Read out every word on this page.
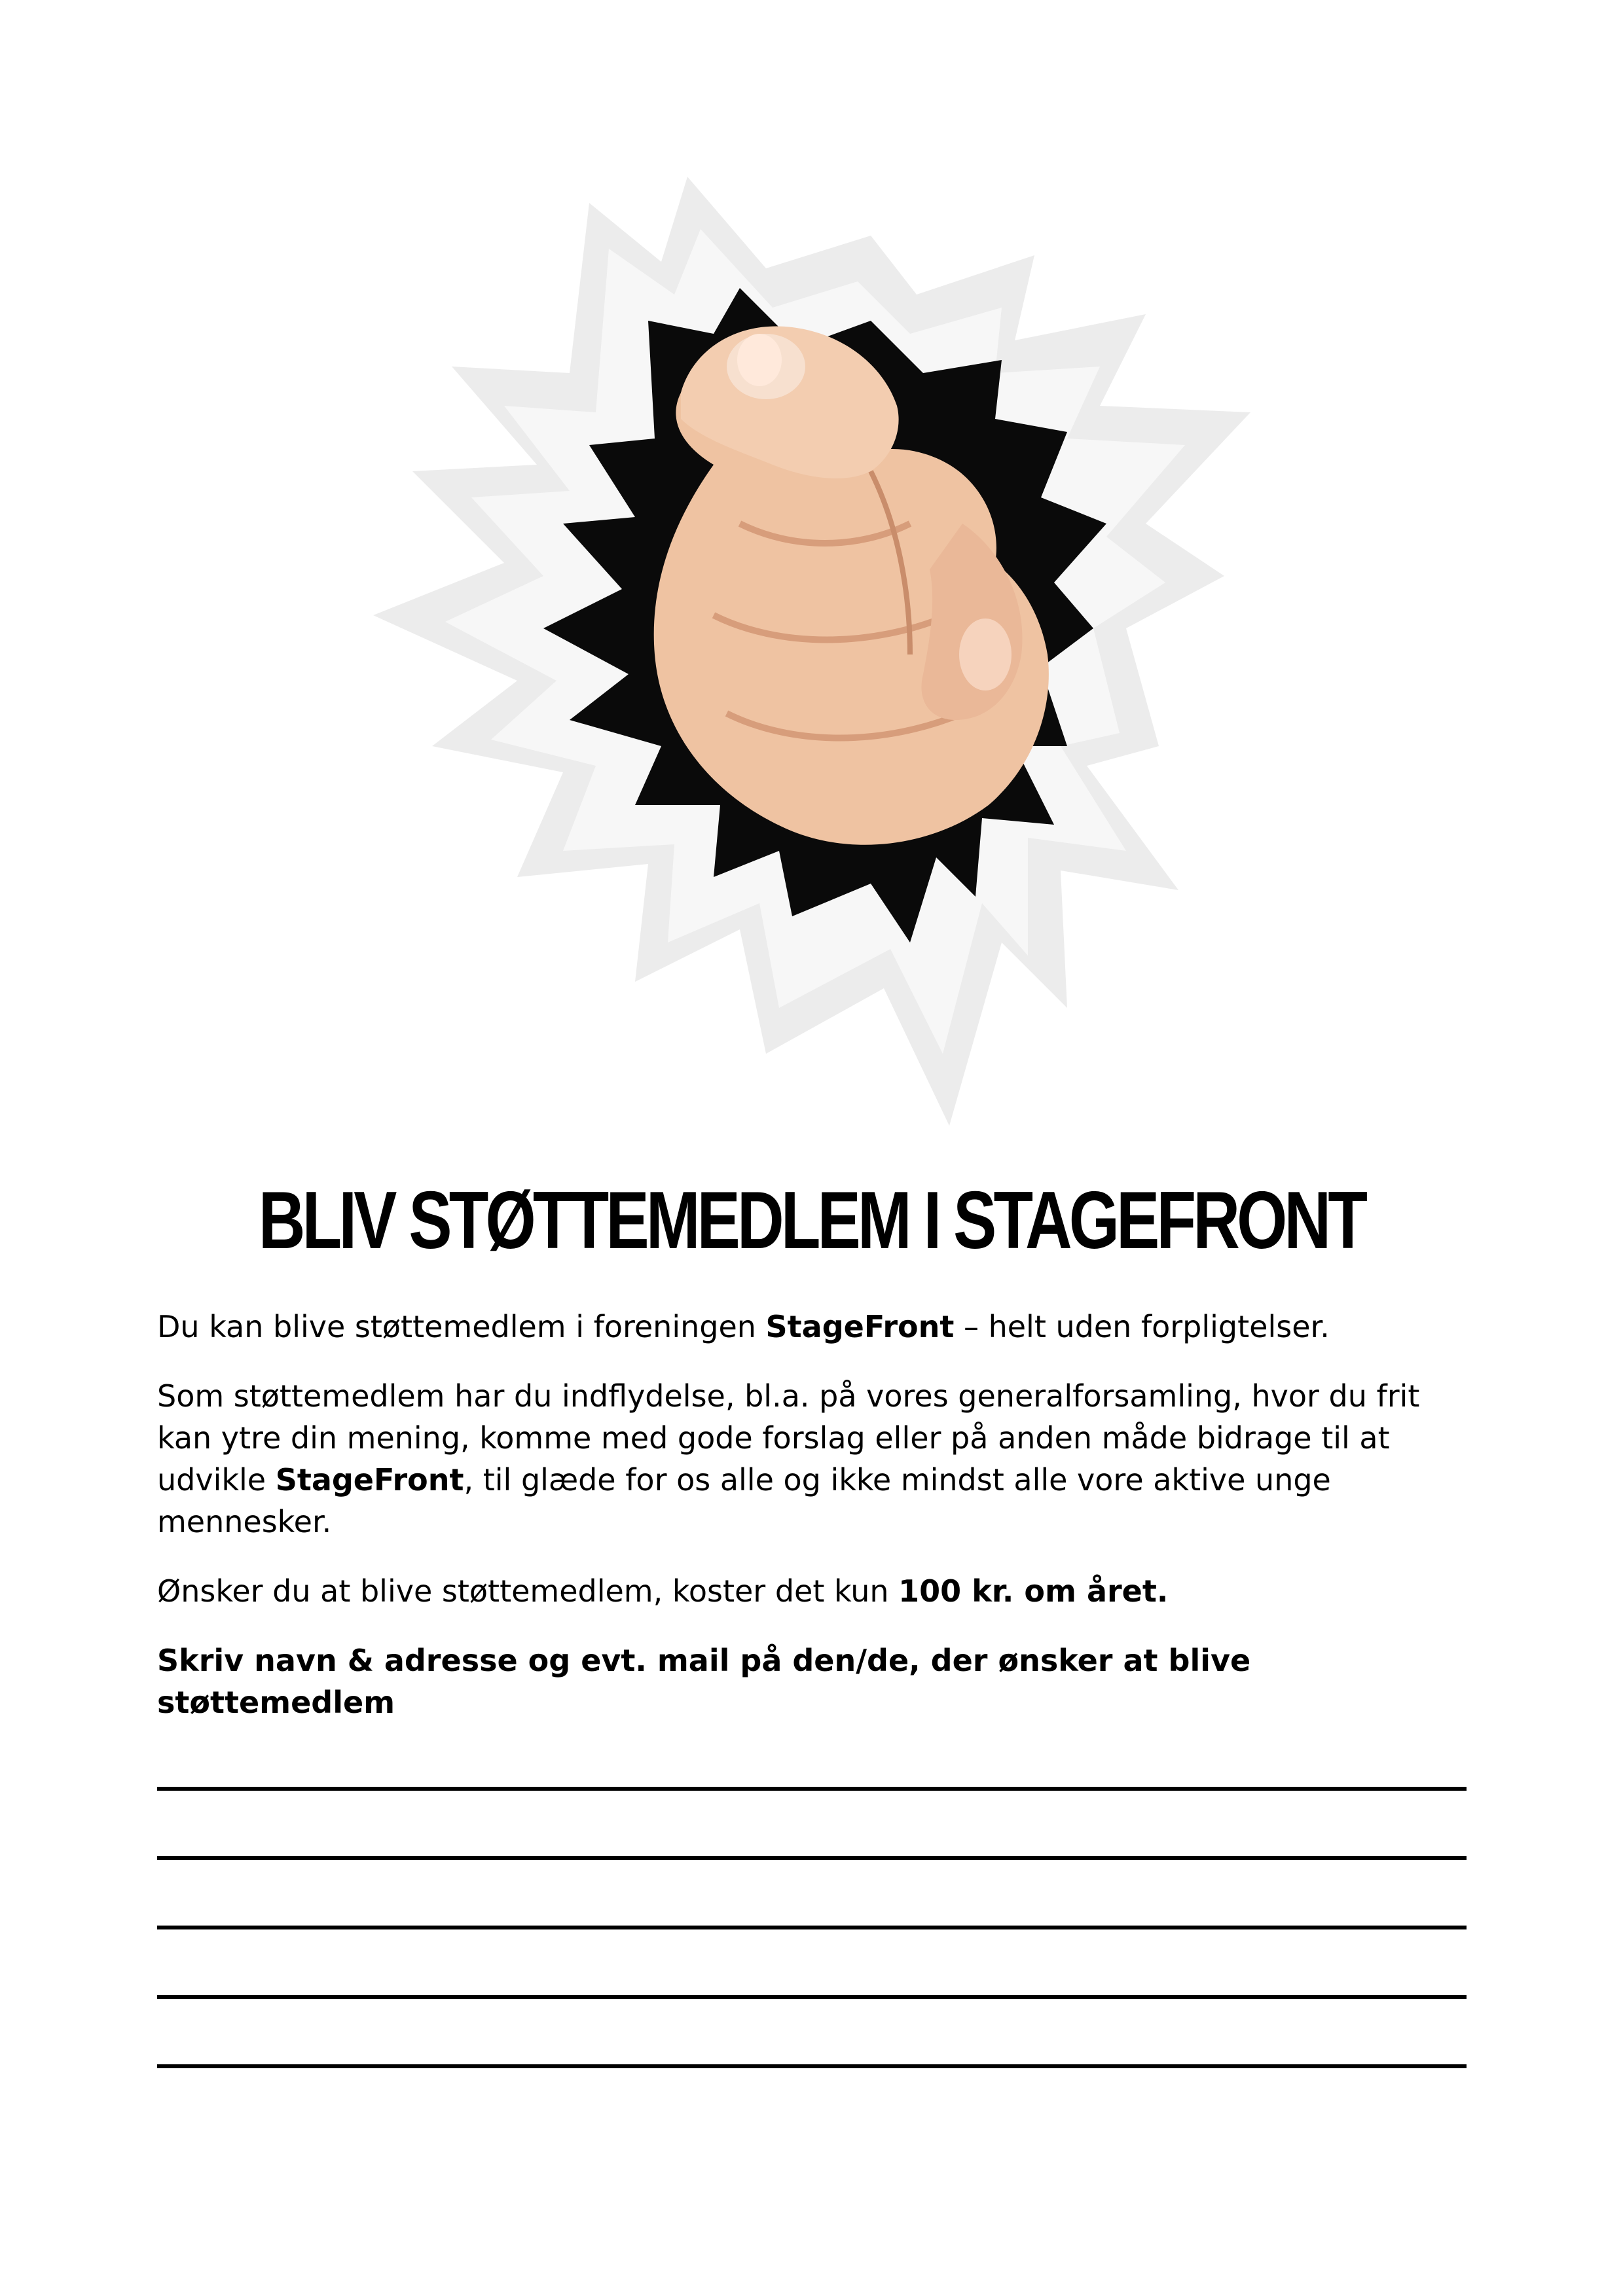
BLIV STØTTEMEDLEM I STAGEFRONT

Du kan blive støttemedlem i foreningen StageFront – helt uden forpligtelser.

Som støttemedlem har du indflydelse, bl.a. på vores generalforsamling, hvor du frit kan ytre din mening, komme med gode forslag eller på anden måde bidrage til at udvikle StageFront, til glæde for os alle og ikke mindst alle vore aktive unge mennesker.

Ønsker du at blive støttemedlem, koster det kun 100 kr. om året.

Skriv navn & adresse og evt. mail på den/de, der ønsker at blive støttemedlem
